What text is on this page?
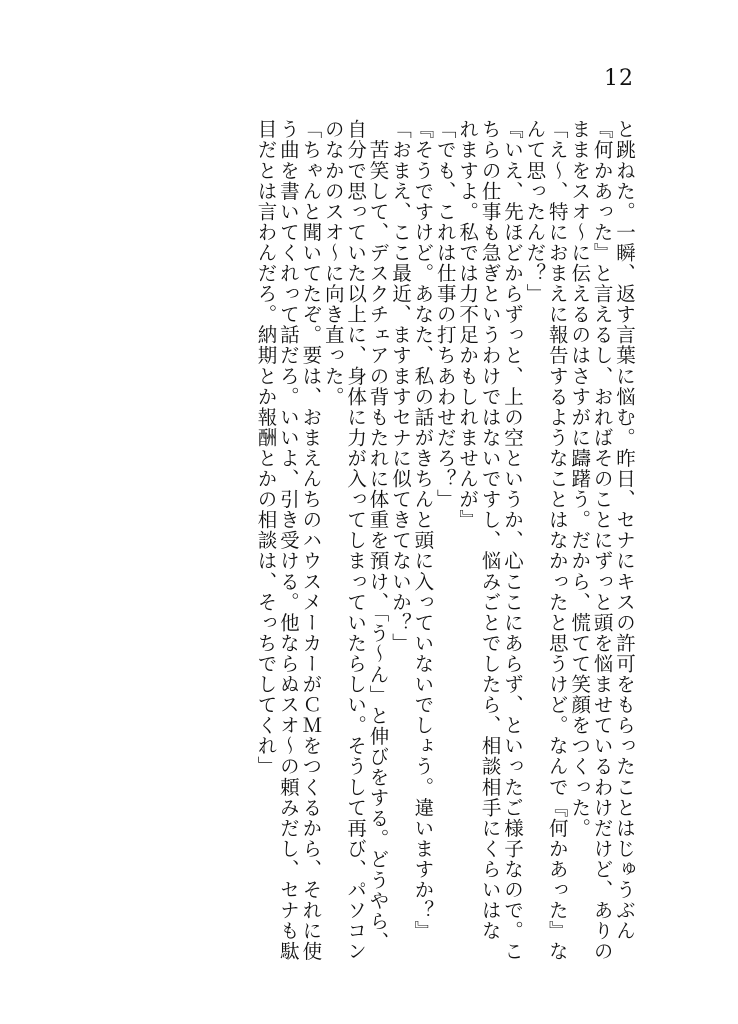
12
と跳ねた。一瞬、返す言葉に悩む。昨日、セナにキスの許可をもらったことはじゅうぶん
『何かあった』と言えるし、おればそのことにずっと頭を悩ませているわけだけど、ありの
ままをスオ〜に伝えるのはさすがに躊躇う。だから、慌てて笑顔をつくった。
「え〜、特におまえに報告するようなことはなかったと思うけど。なんで『何かあった』な
んて思ったんだ？」
『いえ、先ほどからずっと、上の空というか、心ここにあらず、といったご様子なので。こ
ちらの仕事も急ぎというわけではないですし、悩みごとでしたら、相談相手にくらいはな
れますよ。私では力不足かもしれませんが』
「でも、これは仕事の打ちあわせだろ？」
『そうですけど。あなた、私の話がきちんと頭に入っていないでしょう。違いますか？』
「おまえ、ここ最近、ますますセナに似てきてないか？」
　苦笑して、デスクチェアの背もたれに体重を預け、「う〜ん」と伸びをする。どうやら、
自分で思っていた以上に、身体に力が入ってしまっていたらしい。そうして再び、パソコン
のなかのスオ〜に向き直った。
「ちゃんと聞いてたぞ。要は、おまえんちのハウスメーカーがＣＭをつくるから、それに使
う曲を書いてくれって話だろ。いいよ、引き受ける。他ならぬスオ〜の頼みだし、セナも駄
目だとは言わんだろ。納期とか報酬とかの相談は、そっちでしてくれ」
